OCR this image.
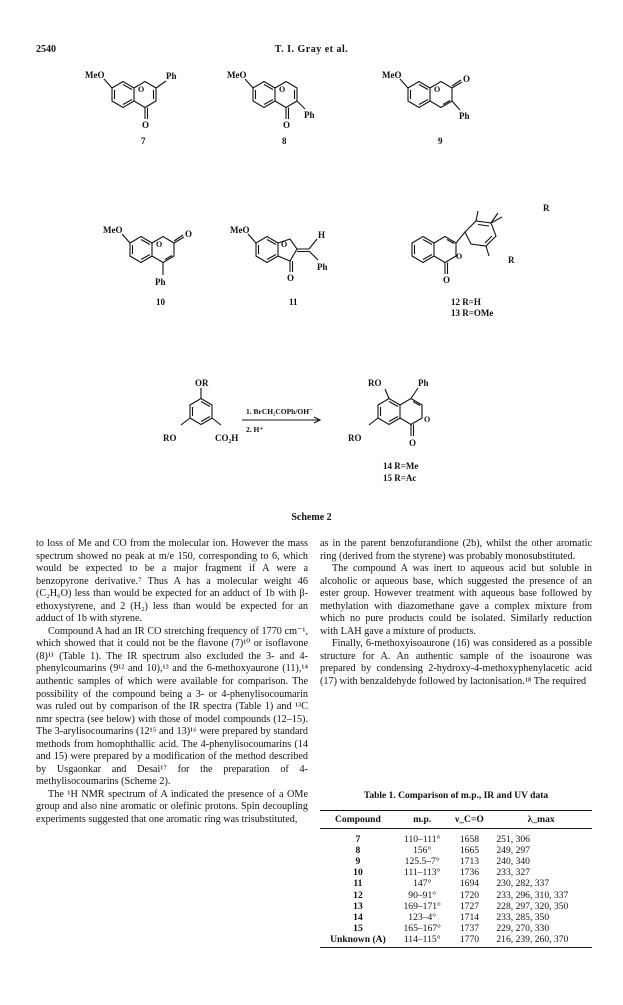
2540	T. I. Gray et al.
MeO
O
Ph
O
7
MeO
O
Ph
O
8
MeO
O
O
Ph
9
MeO
O
O
Ph
10
MeO
O
H
Ph
O
11
O
O
R
R
12 R=H
13 R=OMe
OR
RO	CO₂H
1. BrCH₂COPh/OH⁻
2. H⁺
RO	Ph
RO
O
O
14 R=Me
15 R=Ac
Scheme 2

to loss of Me and CO from the molecular ion. However the mass spectrum showed no peak at m/e 150, corresponding to 6, which would be expected to be a major fragment if A were a benzopyrone derivative.⁷ Thus A has a molecular weight 46 (C₂H₆O) less than would be expected for an adduct of 1b with β-ethoxystyrene, and 2 (H₂) less than would be expected for an adduct of 1b with styrene.

Compound A had an IR CO stretching frequency of 1770 cm⁻¹, which showed that it could not be the flavone (7)¹⁰ or isoflavone (8)¹¹ (Table 1). The IR spectrum also excluded the 3- and 4-phenylcoumarins (9¹² and 10),¹³ and the 6-methoxyaurone (11),¹⁴ authentic samples of which were available for comparison. The possibility of the compound being a 3- or 4-phenylisocoumarin was ruled out by comparison of the IR spectra (Table 1) and ¹³C nmr spectra (see below) with those of model compounds (12–15). The 3-arylisocoumarins (12¹⁵ and 13)¹⁶ were prepared by standard methods from homophthallic acid. The 4-phenylisocoumarins (14 and 15) were prepared by a modification of the method described by Usgaonkar and Desai¹⁷ for the preparation of 4-methylisocoumarins (Scheme 2).

The ¹H NMR spectrum of A indicated the presence of a OMe group and also nine aromatic or olefinic protons. Spin decoupling experiments suggested that one aromatic ring was trisubstituted,

as in the parent benzofurandione (2b), whilst the other aromatic ring (derived from the styrene) was probably monosubstituted.

The compound A was inert to aqueous acid but soluble in alcoholic or aqueous base, which suggested the presence of an ester group. However treatment with aqueous base followed by methylation with diazomethane gave a complex mixture from which no pure products could be isolated. Similarly reduction with LAH gave a mixture of products.

Finally, 6-methoxyisoaurone (16) was considered as a possible structure for A. An authentic sample of the isoaurone was prepared by condensing 2-hydroxy-4-methoxyphenylacetic acid (17) with benzaldehyde followed by lactonisation.¹⁸ The required

Table 1. Comparison of m.p., IR and UV data
Compound	m.p.	ν_C=O	λ_max
7	110–111°	1658	251, 306
8	156°	1665	249, 297
9	125.5–7°	1713	240, 340
10	111–113°	1736	233, 327
11	147°	1694	230, 282, 337
12	90–91°	1720	233, 296, 310, 337
13	169–171°	1727	228, 297, 320, 350
14	123–4°	1714	233, 285, 350
15	165–167°	1737	229, 270, 330
Unknown (A)	114–115°	1770	216, 239, 260, 370
